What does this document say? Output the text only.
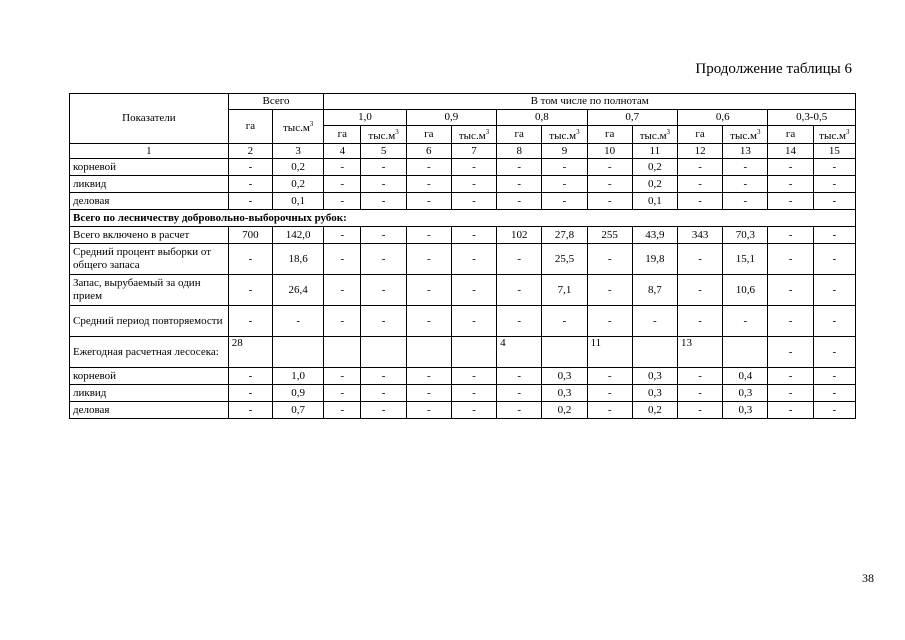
Продолжение таблицы 6
Показатели	Всего		В том числе по полнотам											
	га	$тыс.м^3$	1,0		0,9		0,8		0,7		0,6		0,3-0,5	
			га	$тыс.м^3$	га	$тыс.м^3$	га	$тыс.м^3$	га	$тыс.м^3$	га	$тыс.м^3$	га	$тыс.м^3$
1	2	3	4	5	6	7	8	9	10	11	12	13	14	15
корневой	-	0,2	-	-	-	-	-	-	-	0,2	-	-	-	-
ликвид	-	0,2	-	-	-	-	-	-	-	0,2	-	-	-	-
деловая	-	0,1	-	-	-	-	-	-	-	0,1	-	-	-	-
Всего по лесничеству добровольно-выборочных рубок:														
Всего включено в расчет	700	142,0	-	-	-	-	102	27,8	255	43,9	343	70,3	-	-
Средний процент выборки от общего запаса	-	18,6	-	-	-	-	-	25,5	-	19,8	-	15,1	-	-
Запас, вырубаемый за один прием	-	26,4	-	-	-	-	-	7,1	-	8,7	-	10,6	-	-
Средний период повторяемости	-	-	-	-	-	-	-	-	-	-	-	-	-	-
Ежегодная расчетная лесосека:	28						4		11		13		-	-
корневой	-	1,0	-	-	-	-	-	0,3	-	0,3	-	0,4	-	-
ликвид	-	0,9	-	-	-	-	-	0,3	-	0,3	-	0,3	-	-
деловая	-	0,7	-	-	-	-	-	0,2	-	0,2	-	0,3	-	-
38
